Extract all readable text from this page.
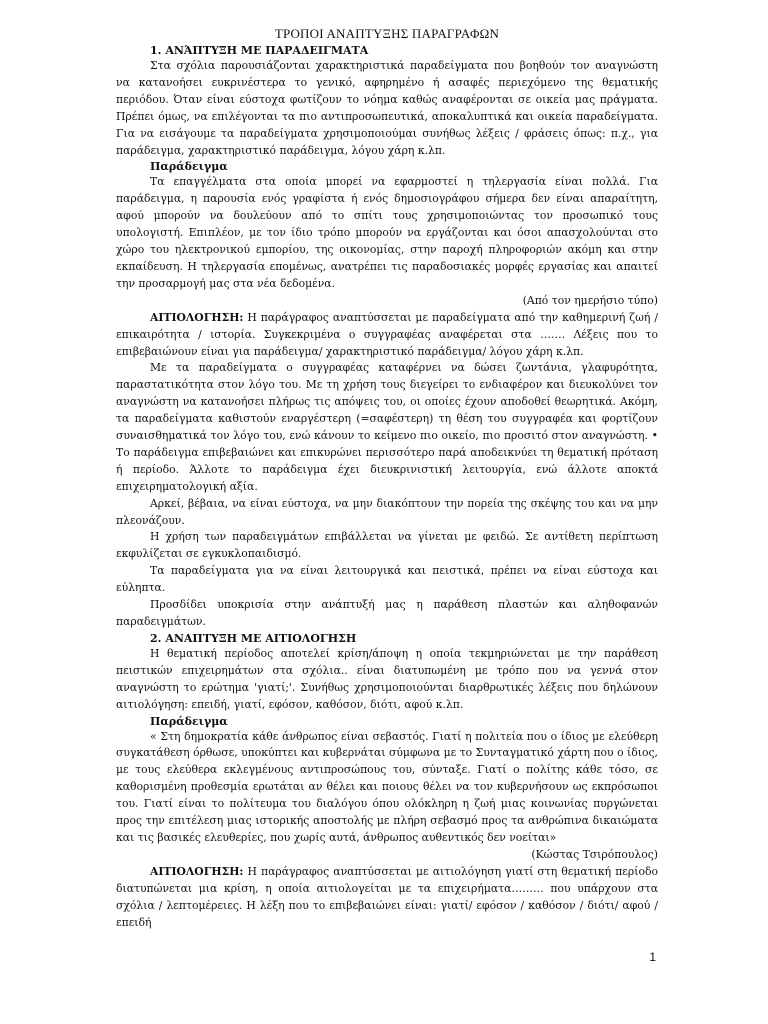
ΤΡΟΠΟΙ ΑΝΑΠΤΥΞΗΣ ΠΑΡΑΓΡΑΦΩΝ
1. ΑΝΆΠΤΥΞΗ ΜΕ ΠΑΡΑΔΕΙΓΜΑΤΑ

Στα σχόλια παρουσιάζονται χαρακτηριστικά παραδείγματα που βοηθούν τον αναγνώστη να κατανοήσει ευκρινέστερα το γενικό, αφηρημένο ή ασαφές περιεχόμενο της θεματικής περιόδου. Όταν είναι εύστοχα φωτίζουν το νόημα καθώς αναφέρονται σε οικεία μας πράγματα. Πρέπει όμως, να επιλέγονται τα πιο αντιπροσωπευτικά, αποκαλυπτικά και οικεία παραδείγματα. Για να εισάγουμε τα παραδείγματα χρησιμοποιούμαι συνήθως λέξεις / φράσεις όπως: π.χ., για παράδειγμα, χαρακτηριστικό παράδειγμα, λόγου χάρη κ.λπ.

Παράδειγμα

Τα επαγγέλματα στα οποία μπορεί να εφαρμοστεί η τηλεργασία είναι πολλά. Για παράδειγμα, η παρουσία ενός γραφίστα ή ενός δημοσιογράφου σήμερα δεν είναι απαραίτητη, αφού μπορούν να δουλεύουν από το σπίτι τους χρησιμοποιώντας τον προσωπικό τους υπολογιστή. Επιπλέον, με τον ίδιο τρόπο μπορούν να εργάζονται και όσοι απασχολούνται στο χώρο του ηλεκτρονικού εμπορίου, της οικονομίας, στην παροχή πληροφοριών ακόμη και στην εκπαίδευση. Η τηλεργασία επομένως, ανατρέπει τις παραδοσιακές μορφές εργασίας και απαιτεί την προσαρμογή μας στα νέα δεδομένα.

(Από τον ημερήσιο τύπο)

ΑΙΤΙΟΛΟΓΗΣΗ: Η παράγραφος αναπτύσσεται με παραδείγματα από την καθημερινή ζωή / επικαιρότητα / ιστορία. Συγκεκριμένα ο συγγραφέας αναφέρεται στα ……. Λέξεις που το επιβεβαιώνουν είναι για παράδειγμα/ χαρακτηριστικό παράδειγμα/ λόγου χάρη κ.λπ.

Με τα παραδείγματα ο συγγραφέας καταφέρνει να δώσει ζωντάνια, γλαφυρότητα, παραστατικότητα στον λόγο του. Με τη χρήση τους διεγείρει το ενδιαφέρον και διευκολύνει τον αναγνώστη να κατανοήσει πλήρως τις απόψεις του, οι οποίες έχουν αποδοθεί θεωρητικά. Ακόμη, τα παραδείγματα καθιστούν εναργέστερη (=σαφέστερη) τη θέση του συγγραφέα και φορτίζουν συναισθηματικά τον λόγο του, ενώ κάνουν το κείμενο πιο οικείο, πιο προσιτό στον αναγνώστη. • Το παράδειγμα επιβεβαιώνει και επικυρώνει περισσότερο παρά αποδεικνύει τη θεματική πρόταση ή περίοδο. Άλλοτε το παράδειγμα έχει διευκρινιστική λειτουργία, ενώ άλλοτε αποκτά επιχειρηματολογική αξία.

Αρκεί, βέβαια, να είναι εύστοχα, να μην διακόπτουν την πορεία της σκέψης του και να μην πλεονάζουν.

Η χρήση των παραδειγμάτων επιβάλλεται να γίνεται με φειδώ. Σε αντίθετη περίπτωση εκφυλίζεται σε εγκυκλοπαιδισμό.

Τα παραδείγματα για να είναι λειτουργικά και πειστικά, πρέπει να είναι εύστοχα και εύληπτα.

Προσδίδει υποκρισία στην ανάπτυξή μας η παράθεση πλαστών και αληθοφανών παραδειγμάτων.

2. ΑΝΑΠΤΥΞΗ ΜΕ ΑΙΤΙΟΛΟΓΗΣΗ

Η θεματική περίοδος αποτελεί κρίση/άποψη η οποία τεκμηριώνεται με την παράθεση πειστικών επιχειρημάτων στα σχόλια.. είναι διατυπωμένη με τρόπο που να γεννά στον αναγνώστη το ερώτημα 'γιατί;'. Συνήθως χρησιμοποιούνται διαρθρωτικές λέξεις που δηλώνουν αιτιολόγηση: επειδή, γιατί, εφόσον, καθόσον, διότι, αφού κ.λπ.

Παράδειγμα

« Στη δημοκρατία κάθε άνθρωπος είναι σεβαστός. Γιατί η πολιτεία που ο ίδιος με ελεύθερη συγκατάθεση όρθωσε, υποκύπτει και κυβερνάται σύμφωνα με το Συνταγματικό χάρτη που ο ίδιος, με τους ελεύθερα εκλεγμένους αντιπροσώπους του, σύνταξε. Γιατί ο πολίτης κάθε τόσο, σε καθορισμένη προθεσμία ερωτάται αν θέλει και ποιους θέλει να τον κυβερνήσουν ως εκπρόσωποι του. Γιατί είναι το πολίτευμα του διαλόγου όπου ολόκληρη η ζωή μιας κοινωνίας πυργώνεται προς την επιτέλεση μιας ιστορικής αποστολής με πλήρη σεβασμό προς τα ανθρώπινα δικαιώματα και τις βασικές ελευθερίες, που χωρίς αυτά, άνθρωπος αυθεντικός δεν νοείται»

(Κώστας Τσιρόπουλος)

ΑΙΤΙΟΛΟΓΗΣΗ: Η παράγραφος αναπτύσσεται με αιτιολόγηση γιατί στη θεματική περίοδο διατυπώνεται μια κρίση, η οποία αιτιολογείται με τα επιχειρήματα……… που υπάρχουν στα σχόλια / λεπτομέρειες. Η λέξη που το επιβεβαιώνει είναι: γιατί/ εφόσον / καθόσον / διότι/ αφού /επειδή

1
